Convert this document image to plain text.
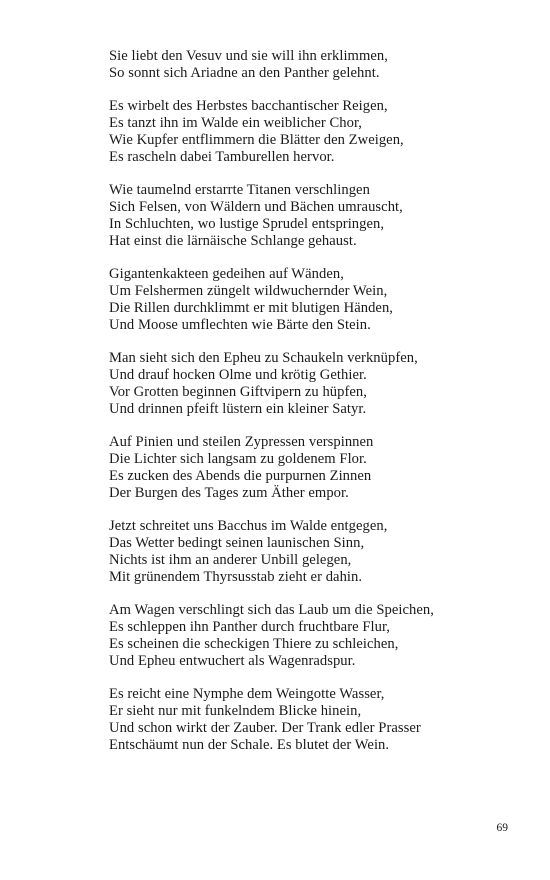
Sie liebt den Vesuv und sie will ihn erklimmen,
So sonnt sich Ariadne an den Panther gelehnt.
Es wirbelt des Herbstes bacchantischer Reigen,
Es tanzt ihn im Walde ein weiblicher Chor,
Wie Kupfer entflimmern die Blätter den Zweigen,
Es rascheln dabei Tamburellen hervor.
Wie taumelnd erstarrte Titanen verschlingen
Sich Felsen, von Wäldern und Bächen umrauscht,
In Schluchten, wo lustige Sprudel entspringen,
Hat einst die lärnäische Schlange gehaust.
Gigantenkakteen gedeihen auf Wänden,
Um Felshermen züngelt wildwuchernder Wein,
Die Rillen durchklimmt er mit blutigen Händen,
Und Moose umflechten wie Bärte den Stein.
Man sieht sich den Epheu zu Schaukeln verknüpfen,
Und drauf hocken Olme und krötig Gethier.
Vor Grotten beginnen Giftvipern zu hüpfen,
Und drinnen pfeift lüstern ein kleiner Satyr.
Auf Pinien und steilen Zypressen verspinnen
Die Lichter sich langsam zu goldenem Flor.
Es zucken des Abends die purpurnen Zinnen
Der Burgen des Tages zum Äther empor.
Jetzt schreitet uns Bacchus im Walde entgegen,
Das Wetter bedingt seinen launischen Sinn,
Nichts ist ihm an anderer Unbill gelegen,
Mit grünendem Thyrsusstab zieht er dahin.
Am Wagen verschlingt sich das Laub um die Speichen,
Es schleppen ihn Panther durch fruchtbare Flur,
Es scheinen die scheckigen Thiere zu schleichen,
Und Epheu entwuchert als Wagenradspur.
Es reicht eine Nymphe dem Weingotte Wasser,
Er sieht nur mit funkelndem Blicke hinein,
Und schon wirkt der Zauber. Der Trank edler Prasser
Entschäumt nun der Schale. Es blutet der Wein.
69
